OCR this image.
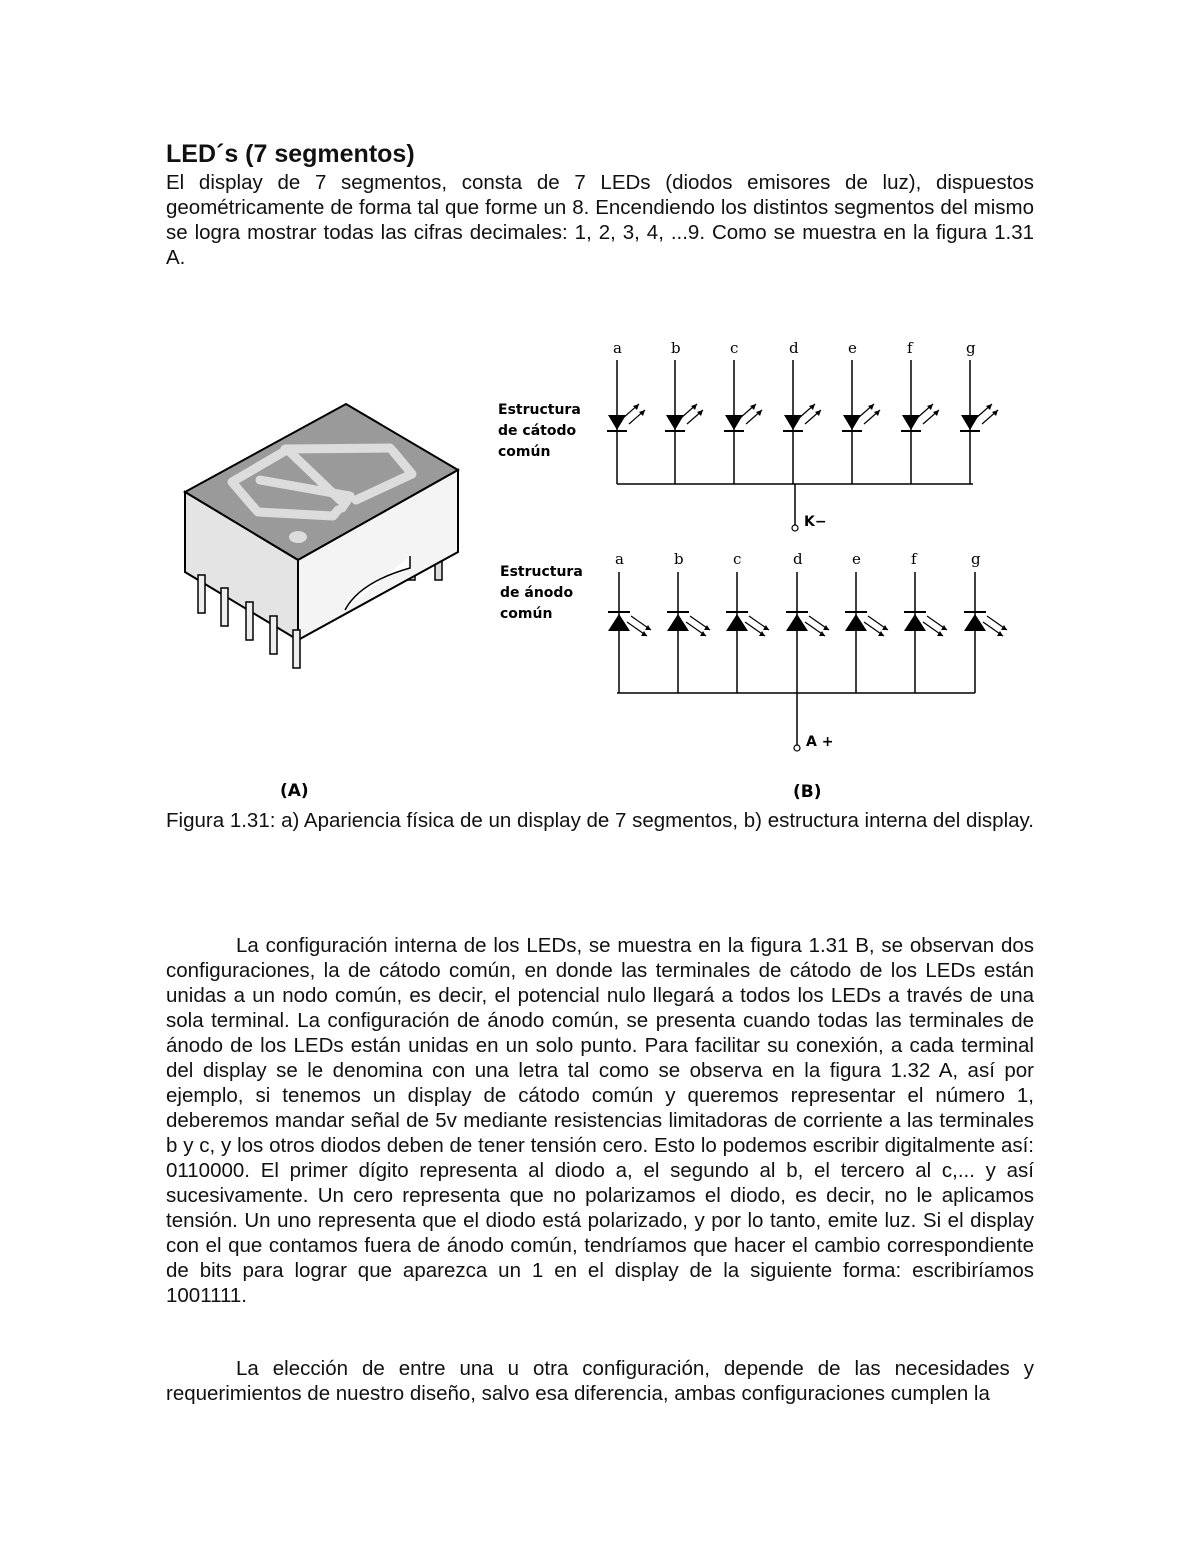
LED´s (7 segmentos)

El display de 7 segmentos, consta de 7 LEDs (diodos emisores de luz), dispuestos geométricamente de forma tal que forme un 8. Encendiendo los distintos segmentos del mismo se logra mostrar todas las cifras decimales: 1, 2, 3, 4, ...9. Como se muestra en la figura 1.31 A.

Estructura
de cátodo
común
a	b	c	d	e	f	g
K−
Estructura
de ánodo
común
a	b	c	d	e	f	g
A +
(A)	(B)

Figura 1.31: a) Apariencia física de un display de 7 segmentos, b) estructura interna del display.

La configuración interna de los LEDs, se muestra en la figura 1.31 B, se observan dos configuraciones, la de cátodo común, en donde las terminales de cátodo de los LEDs están unidas a un nodo común, es decir, el potencial nulo llegará a todos los LEDs a través de una sola terminal. La configuración de ánodo común, se presenta cuando todas las terminales de ánodo de los LEDs están unidas en un solo punto. Para facilitar su conexión, a cada terminal del display se le denomina con una letra tal como se observa en la figura 1.32 A, así por ejemplo, si tenemos un display de cátodo común y queremos representar el número 1, deberemos mandar señal de 5v mediante resistencias limitadoras de corriente a las terminales b y c, y los otros diodos deben de tener tensión cero. Esto lo podemos escribir digitalmente así: 0110000. El primer dígito representa al diodo a, el segundo al b, el tercero al c,... y así sucesivamente. Un cero representa que no polarizamos el diodo, es decir, no le aplicamos tensión. Un uno representa que el diodo está polarizado, y por lo tanto, emite luz. Si el display con el que contamos fuera de ánodo común, tendríamos que hacer el cambio correspondiente de bits para lograr que aparezca un 1 en el display de la siguiente forma: escribiríamos 1001111.

La elección de entre una u otra configuración, depende de las necesidades y requerimientos de nuestro diseño, salvo esa diferencia, ambas configuraciones cumplen la
